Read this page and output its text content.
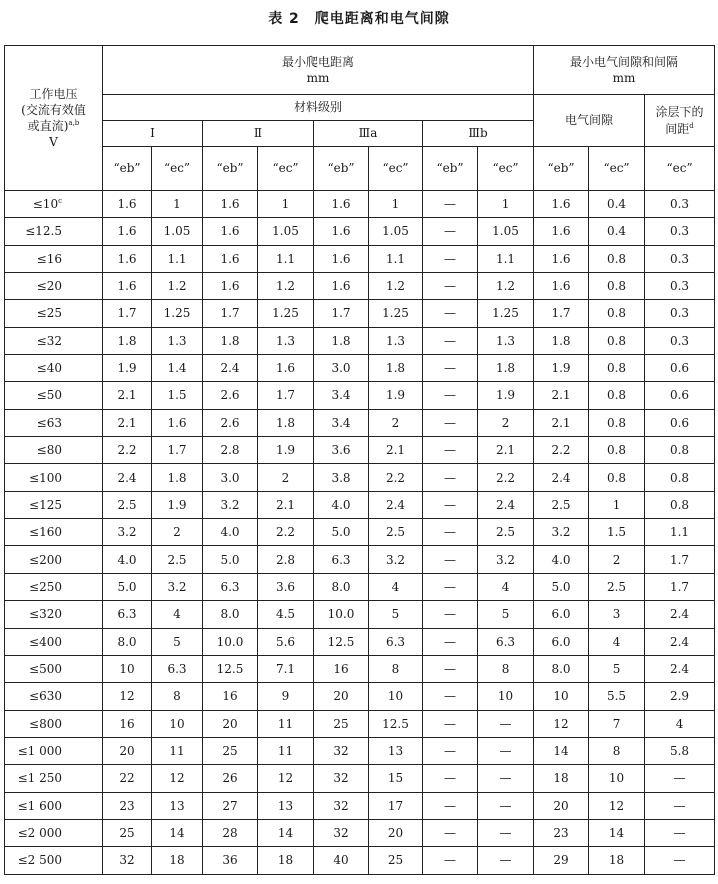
表 2　爬电距离和电气间隙
工作电压
(交流有效值
或直流)$^{a,b}$
V	最小爬电距离
mm								最小电气间隙和间隔
mm		

	材料级别								电气间隙		涂层下的
间距$^d$

	Ⅰ		Ⅱ		Ⅲa		Ⅲb				
	“eb”	“ec”	“eb”	“ec”	“eb”	“ec”	“eb”	“ec”	“eb”	“ec”	“ec”
$\le 10^c$	1.6	1	1.6	1	1.6	1	—	1	1.6	0.4	0.3
≤12.5	1.6	1.05	1.6	1.05	1.6	1.05	—	1.05	1.6	0.4	0.3
≤16	1.6	1.1	1.6	1.1	1.6	1.1	—	1.1	1.6	0.8	0.3
≤20	1.6	1.2	1.6	1.2	1.6	1.2	—	1.2	1.6	0.8	0.3
≤25	1.7	1.25	1.7	1.25	1.7	1.25	—	1.25	1.7	0.8	0.3
≤32	1.8	1.3	1.8	1.3	1.8	1.3	—	1.3	1.8	0.8	0.3
≤40	1.9	1.4	2.4	1.6	3.0	1.8	—	1.8	1.9	0.8	0.6
≤50	2.1	1.5	2.6	1.7	3.4	1.9	—	1.9	2.1	0.8	0.6
≤63	2.1	1.6	2.6	1.8	3.4	2	—	2	2.1	0.8	0.6
≤80	2.2	1.7	2.8	1.9	3.6	2.1	—	2.1	2.2	0.8	0.8
≤100	2.4	1.8	3.0	2	3.8	2.2	—	2.2	2.4	0.8	0.8
≤125	2.5	1.9	3.2	2.1	4.0	2.4	—	2.4	2.5	1	0.8
≤160	3.2	2	4.0	2.2	5.0	2.5	—	2.5	3.2	1.5	1.1
≤200	4.0	2.5	5.0	2.8	6.3	3.2	—	3.2	4.0	2	1.7
≤250	5.0	3.2	6.3	3.6	8.0	4	—	4	5.0	2.5	1.7
≤320	6.3	4	8.0	4.5	10.0	5	—	5	6.0	3	2.4
≤400	8.0	5	10.0	5.6	12.5	6.3	—	6.3	6.0	4	2.4
≤500	10	6.3	12.5	7.1	16	8	—	8	8.0	5	2.4
≤630	12	8	16	9	20	10	—	10	10	5.5	2.9
≤800	16	10	20	11	25	12.5	—	—	12	7	4
≤1 000	20	11	25	11	32	13	—	—	14	8	5.8
≤1 250	22	12	26	12	32	15	—	—	18	10	—
≤1 600	23	13	27	13	32	17	—	—	20	12	—
≤2 000	25	14	28	14	32	20	—	—	23	14	—
≤2 500	32	18	36	18	40	25	—	—	29	18	—
